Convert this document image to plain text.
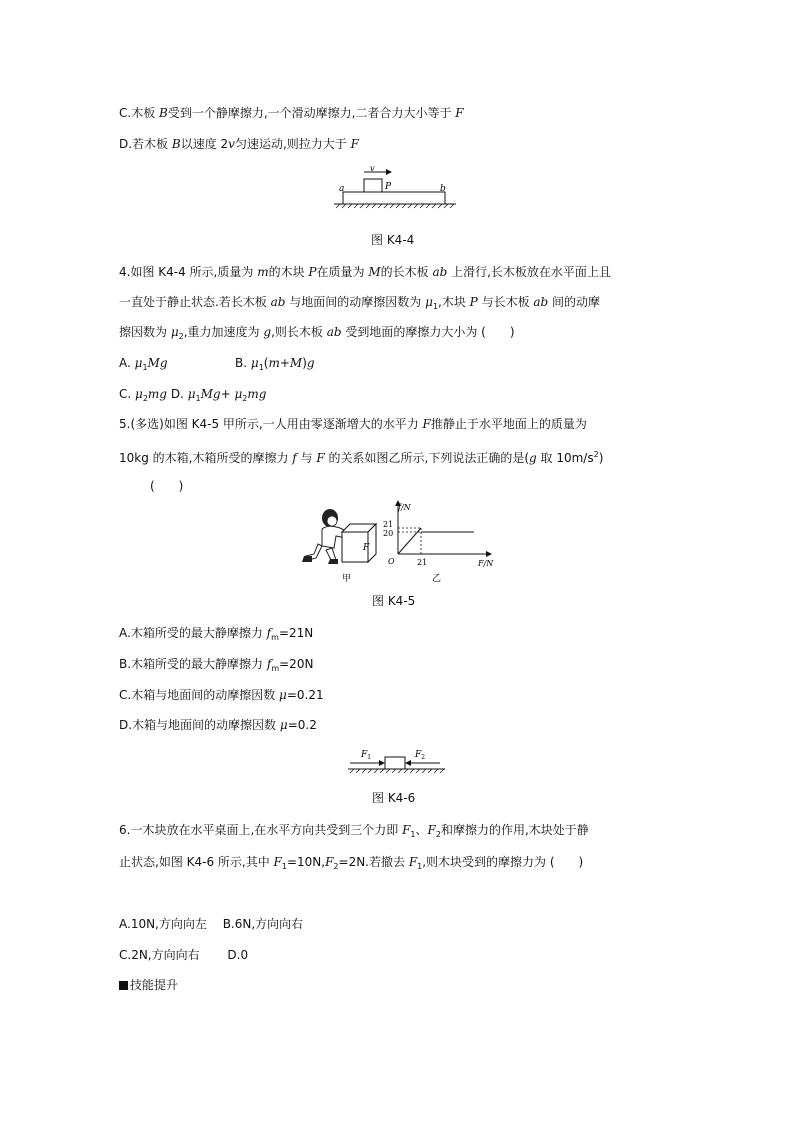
C.木板 B受到一个静摩擦力,一个滑动摩擦力,二者合力大小等于 F
D.若木板 B以速度 2v匀速运动,则拉力大于 F
v
P
a	b
图 K4-4
4.如图 K4-4 所示,质量为 m的木块 P在质量为 M的长木板 ab 上滑行,长木板放在水平面上且
一直处于静止状态.若长木板 ab 与地面间的动摩擦因数为 $\mu_1$,木块 P 与长木板 ab 间的动摩
擦因数为 $\mu_2$,重力加速度为 g,则长木板 ab 受到地面的摩擦力大小为 (　　)
A. $\mu_1Mg$	B. $\mu_1(m+M)g$
C. $\mu_2mg$ D. $\mu_1Mg+ \mu_2mg$
5.(多选)如图 K4-5 甲所示,一人用由零逐渐增大的水平力 F推静止于水平地面上的质量为
10kg 的木箱,木箱所受的摩擦力 f 与 F 的关系如图乙所示,下列说法正确的是(g 取 $10m/s^2$)
(　　)
F
甲
f/N
F/N
21
20
O	21
乙
图 K4-5
A.木箱所受的最大静摩擦力 $f_m=21N$
B.木箱所受的最大静摩擦力 $f_m=20N$
C.木箱与地面间的动摩擦因数 μ=0.21
D.木箱与地面间的动摩擦因数 μ=0.2
$F_1$	$F_2$
图 K4-6
6.一木块放在水平桌面上,在水平方向共受到三个力即 $F_1$、$F_2$和摩擦力的作用,木块处于静
止状态,如图 K4-6 所示,其中 $F_1=10N,F_2=2N$.若撤去 $F_1$,则木块受到的摩擦力为 (　　)
A.10N,方向向左　 B.6N,方向向右
C.2N,方向向右　　 D.0
技能提升
